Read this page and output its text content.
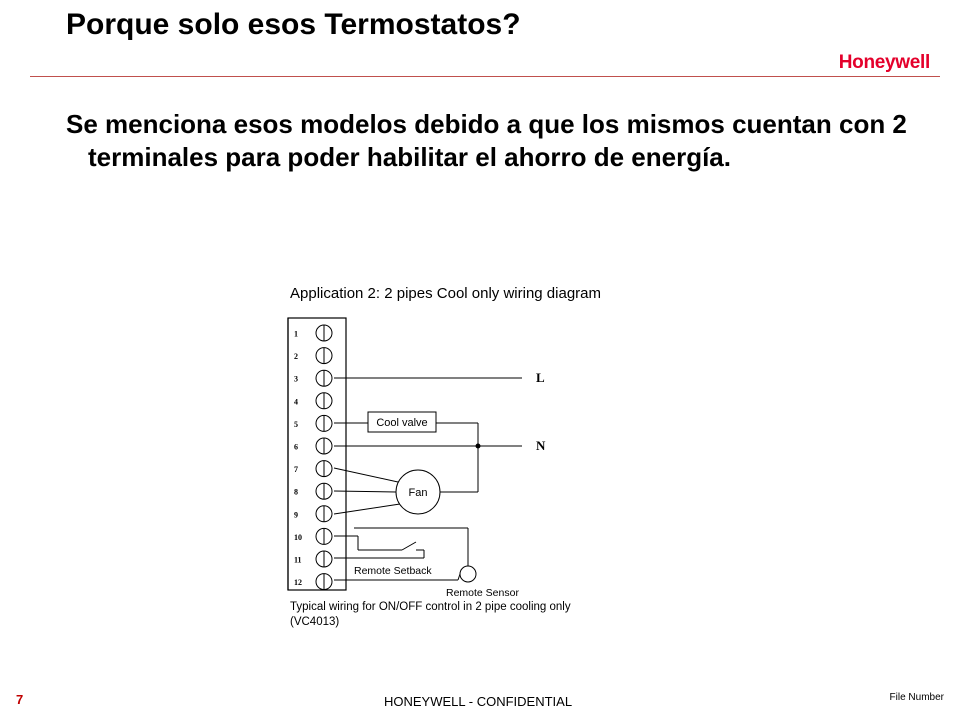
Porque solo esos Termostatos?
Honeywell
Se menciona esos modelos debido a que los mismos cuentan con 2 terminales para poder habilitar el ahorro de energía.
Application 2: 2 pipes Cool only wiring diagram
1
2
3
4
5
6
7
8
9
10
11
12
L
N
Cool valve
Fan
Remote Setback
Remote Sensor
Typical wiring for ON/OFF control in 2 pipe cooling only (VC4013)
7	HONEYWELL - CONFIDENTIAL	File Number
